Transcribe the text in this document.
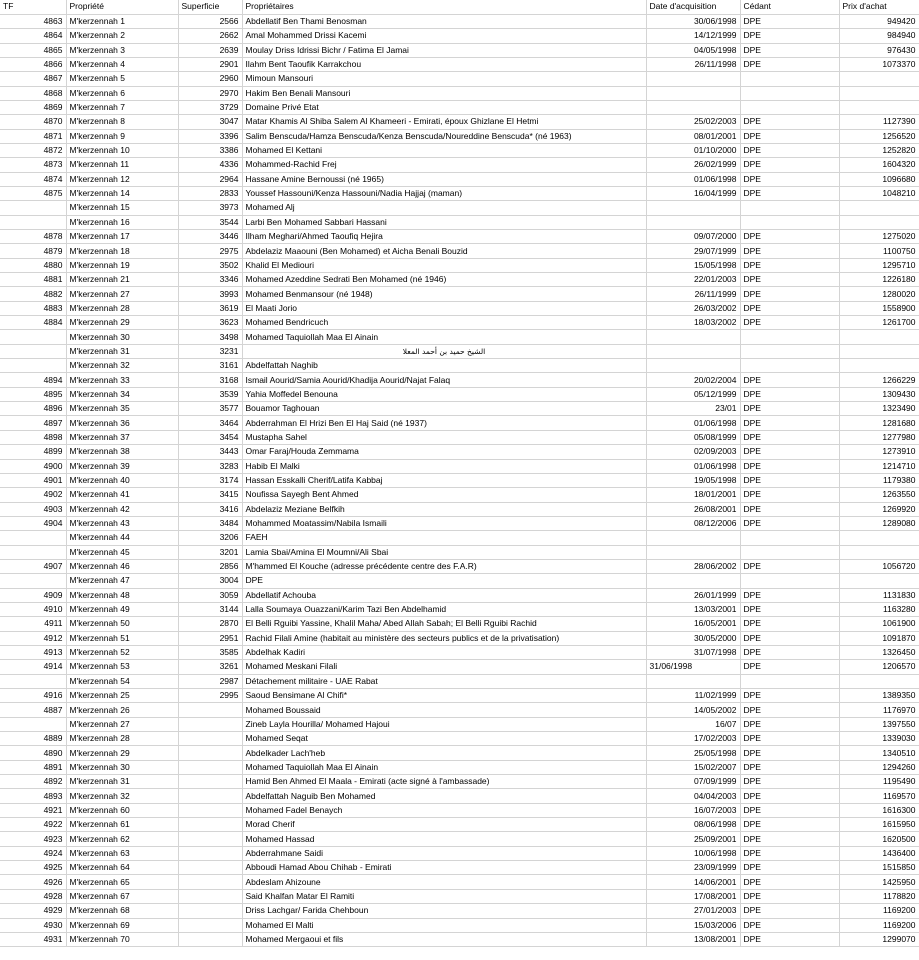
TF	Propriété	Superficie	Propriétaires	Date d'acquisition	Cédant	Prix d'achat
4863	M'kerzennah 1	2566	Abdellatif Ben Thami Benosman	30/06/1998	DPE	949420
4864	M'kerzennah 2	2662	Amal Mohammed Drissi Kacemi	14/12/1999	DPE	984940
4865	M'kerzennah 3	2639	Moulay Driss Idrissi Bichr / Fatima El Jamai	04/05/1998	DPE	976430
4866	M'kerzennah 4	2901	Ilahm Bent Taoufik Karrakchou	26/11/1998	DPE	1073370
4867	M'kerzennah 5	2960	Mimoun Mansouri			
4868	M'kerzennah 6	2970	Hakim Ben Benali Mansouri			
4869	M'kerzennah 7	3729	Domaine Privé Etat			
4870	M'kerzennah 8	3047	Matar Khamis Al Shiba Salem Al Khameeri - Emirati, époux Ghizlane El Hetmi	25/02/2003	DPE	1127390
4871	M'kerzennah 9	3396	Salim Benscuda/Hamza Benscuda/Kenza Benscuda/Noureddine Benscuda* (né 1963)	08/01/2001	DPE	1256520
4872	M'kerzennah 10	3386	Mohamed El Kettani	01/10/2000	DPE	1252820
4873	M'kerzennah 11	4336	Mohammed-Rachid Frej	26/02/1999	DPE	1604320
4874	M'kerzennah 12	2964	Hassane Amine Bernoussi (né 1965)	01/06/1998	DPE	1096680
4875	M'kerzennah 14	2833	Youssef Hassouni/Kenza Hassouni/Nadia Hajjaj (maman)	16/04/1999	DPE	1048210
	M'kerzennah 15	3973	Mohamed Alj			
	M'kerzennah 16	3544	Larbi Ben Mohamed Sabbari Hassani			
4878	M'kerzennah 17	3446	Ilham Meghari/Ahmed Taoufiq Hejira	09/07/2000	DPE	1275020
4879	M'kerzennah 18	2975	Abdelaziz Maaouni (Ben Mohamed) et Aicha Benali Bouzid	29/07/1999	DPE	1100750
4880	M'kerzennah 19	3502	Khalid El Mediouri	15/05/1998	DPE	1295710
4881	M'kerzennah 21	3346	Mohamed Azeddine Sedrati Ben Mohamed (né 1946)	22/01/2003	DPE	1226180
4882	M'kerzennah 27	3993	Mohamed Benmansour (né 1948)	26/11/1999	DPE	1280020
4883	M'kerzennah 28	3619	El Maati Jorio	26/03/2002	DPE	1558900
4884	M'kerzennah 29	3623	Mohamed Bendricuch	18/03/2002	DPE	1261700
	M'kerzennah 30	3498	Mohamed Taquiollah Maa El Ainain			
	M'kerzennah 31	3231	الشيخ حميد بن أحمد المعلا			
	M'kerzennah 32	3161	Abdelfattah Naghib			
4894	M'kerzennah 33	3168	Ismail Aourid/Samia Aourid/Khadija Aourid/Najat Falaq	20/02/2004	DPE	1266229
4895	M'kerzennah 34	3539	Yahia Moffedel Benouna	05/12/1999	DPE	1309430
4896	M'kerzennah 35	3577	Bouamor Taghouan	23/01	DPE	1323490
4897	M'kerzennah 36	3464	Abderrahman El Hrizi Ben El Haj Said (né 1937)	01/06/1998	DPE	1281680
4898	M'kerzennah 37	3454	Mustapha Sahel	05/08/1999	DPE	1277980
4899	M'kerzennah 38	3443	Omar Faraj/Houda Zemmama	02/09/2003	DPE	1273910
4900	M'kerzennah 39	3283	Habib El Malki	01/06/1998	DPE	1214710
4901	M'kerzennah 40	3174	Hassan Esskalli Cherif/Latifa Kabbaj	19/05/1998	DPE	1179380
4902	M'kerzennah 41	3415	Noufissa Sayegh Bent Ahmed	18/01/2001	DPE	1263550
4903	M'kerzennah 42	3416	Abdelaziz Meziane Belfkih	26/08/2001	DPE	1269920
4904	M'kerzennah 43	3484	Mohammed Moatassim/Nabila Ismaili	08/12/2006	DPE	1289080
	M'kerzennah 44	3206	FAEH			
	M'kerzennah 45	3201	Lamia Sbai/Amina El Moumni/Ali Sbai			
4907	M'kerzennah 46	2856	M'hammed El Kouche (adresse précédente centre des F.A.R)	28/06/2002	DPE	1056720
	M'kerzennah 47	3004	DPE			
4909	M'kerzennah 48	3059	Abdellatif Achouba	26/01/1999	DPE	1131830
4910	M'kerzennah 49	3144	Lalla Soumaya Ouazzani/Karim Tazi Ben Abdelhamid	13/03/2001	DPE	1163280
4911	M'kerzennah 50	2870	El Belli Rguibi Yassine, Khalil Maha/ Abed Allah Sabah; El Belli Rguibi Rachid	16/05/2001	DPE	1061900
4912	M'kerzennah 51	2951	Rachid Filali Amine (habitait au ministère des secteurs publics et de la privatisation)	30/05/2000	DPE	1091870
4913	M'kerzennah 52	3585	Abdelhak Kadiri	31/07/1998	DPE	1326450
4914	M'kerzennah 53	3261	Mohamed Meskani Filali	31/06/1998	DPE	1206570
	M'kerzennah 54	2987	Détachement militaire - UAE Rabat			
4916	M'kerzennah 25	2995	Saoud Bensimane Al Chifi*	11/02/1999	DPE	1389350
4887	M'kerzennah 26		Mohamed Boussaid	14/05/2002	DPE	1176970
	M'kerzennah 27		Zineb Layla Hourilla/ Mohamed Hajoui	16/07	DPE	1397550
4889	M'kerzennah 28		Mohamed Seqat	17/02/2003	DPE	1339030
4890	M'kerzennah 29		Abdelkader Lach'heb	25/05/1998	DPE	1340510
4891	M'kerzennah 30		Mohamed Taquiollah Maa El Ainain	15/02/2007	DPE	1294260
4892	M'kerzennah 31		Hamid Ben Ahmed El Maala - Emirati (acte signé à l'ambassade)	07/09/1999	DPE	1195490
4893	M'kerzennah 32		Abdelfattah Naguib Ben Mohamed	04/04/2003	DPE	1169570
4921	M'kerzennah 60		Mohamed Fadel Benaych	16/07/2003	DPE	1616300
4922	M'kerzennah 61		Morad Cherif	08/06/1998	DPE	1615950
4923	M'kerzennah 62		Mohamed Hassad	25/09/2001	DPE	1620500
4924	M'kerzennah 63		Abderrahmane Saidi	10/06/1998	DPE	1436400
4925	M'kerzennah 64		Abboudi Hamad Abou Chihab - Emirati	23/09/1999	DPE	1515850
4926	M'kerzennah 65		Abdeslam Ahizoune	14/06/2001	DPE	1425950
4928	M'kerzennah 67		Said Khalfan Matar El Ramiti	17/08/2001	DPE	1178820
4929	M'kerzennah 68		Driss Lachgar/ Farida Chehboun	27/01/2003	DPE	1169200
4930	M'kerzennah 69		Mohamed El Malti	15/03/2006	DPE	1169200
4931	M'kerzennah 70		Mohamed Mergaoui et fils	13/08/2001	DPE	1299070
